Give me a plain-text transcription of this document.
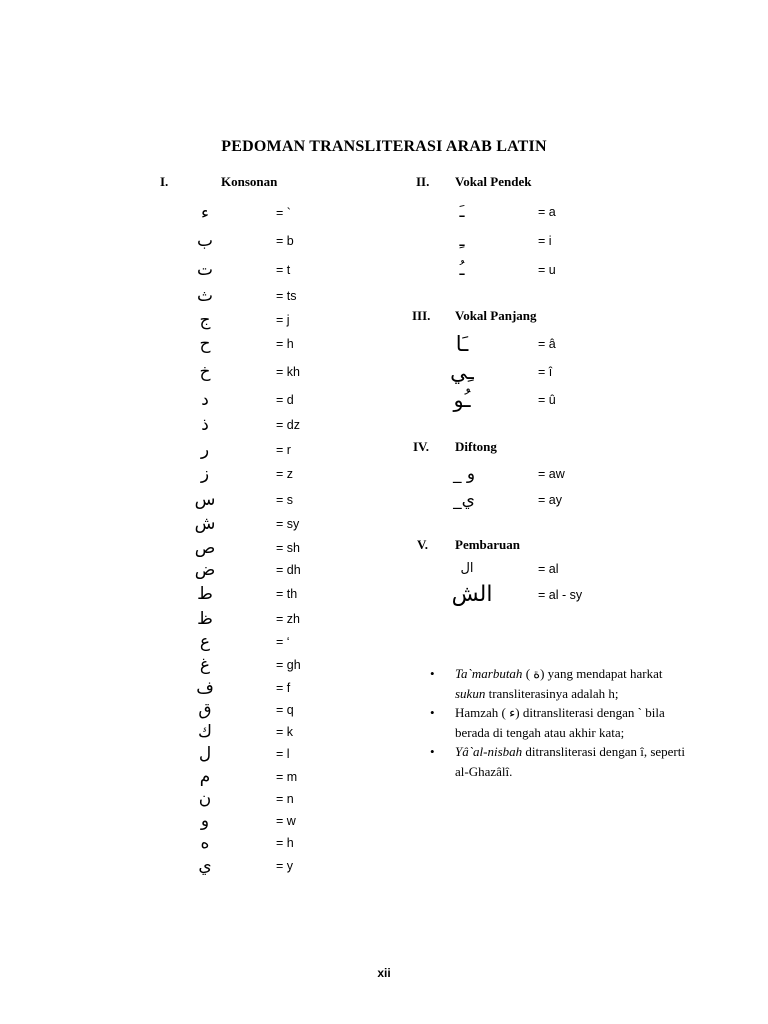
PEDOMAN TRANSLITERASI ARAB LATIN
I.	Konsonan
ء	= `
ب	= b
ت	= t
ث	= ts
ج	= j
ح	= h
خ	= kh
د	= d
ذ	= dz
ر	= r
ز	= z
س	= s
ش	= sy
ص	= sh
ض	= dh
ط	= th
ظ	= zh
ع	= ‘
غ	= gh
ف	= f
ق	= q
ك	= k
ل	= l
م	= m
ن	= n
و	= w
ه	= h
ي	= y
II. Vokal Pendek
ـَ	= a
ـِ	= i
ـُ	= u
III. Vokal Panjang
ـَا	= â
ـِي	= î
ـُو	= û
IV. Diftong
و _	= aw
ي_	= ay
V. Pembaruan
ال	= al
الش	= al - sy
• Ta`marbutah ( ة) yang mendapat harkat sukun transliterasinya adalah h;
• Hamzah ( ء) ditransliterasi dengan ` bila berada di tengah atau akhir kata;
• Yâ`al-nisbah ditransliterasi dengan î, seperti al-Ghazâlî.
xii
